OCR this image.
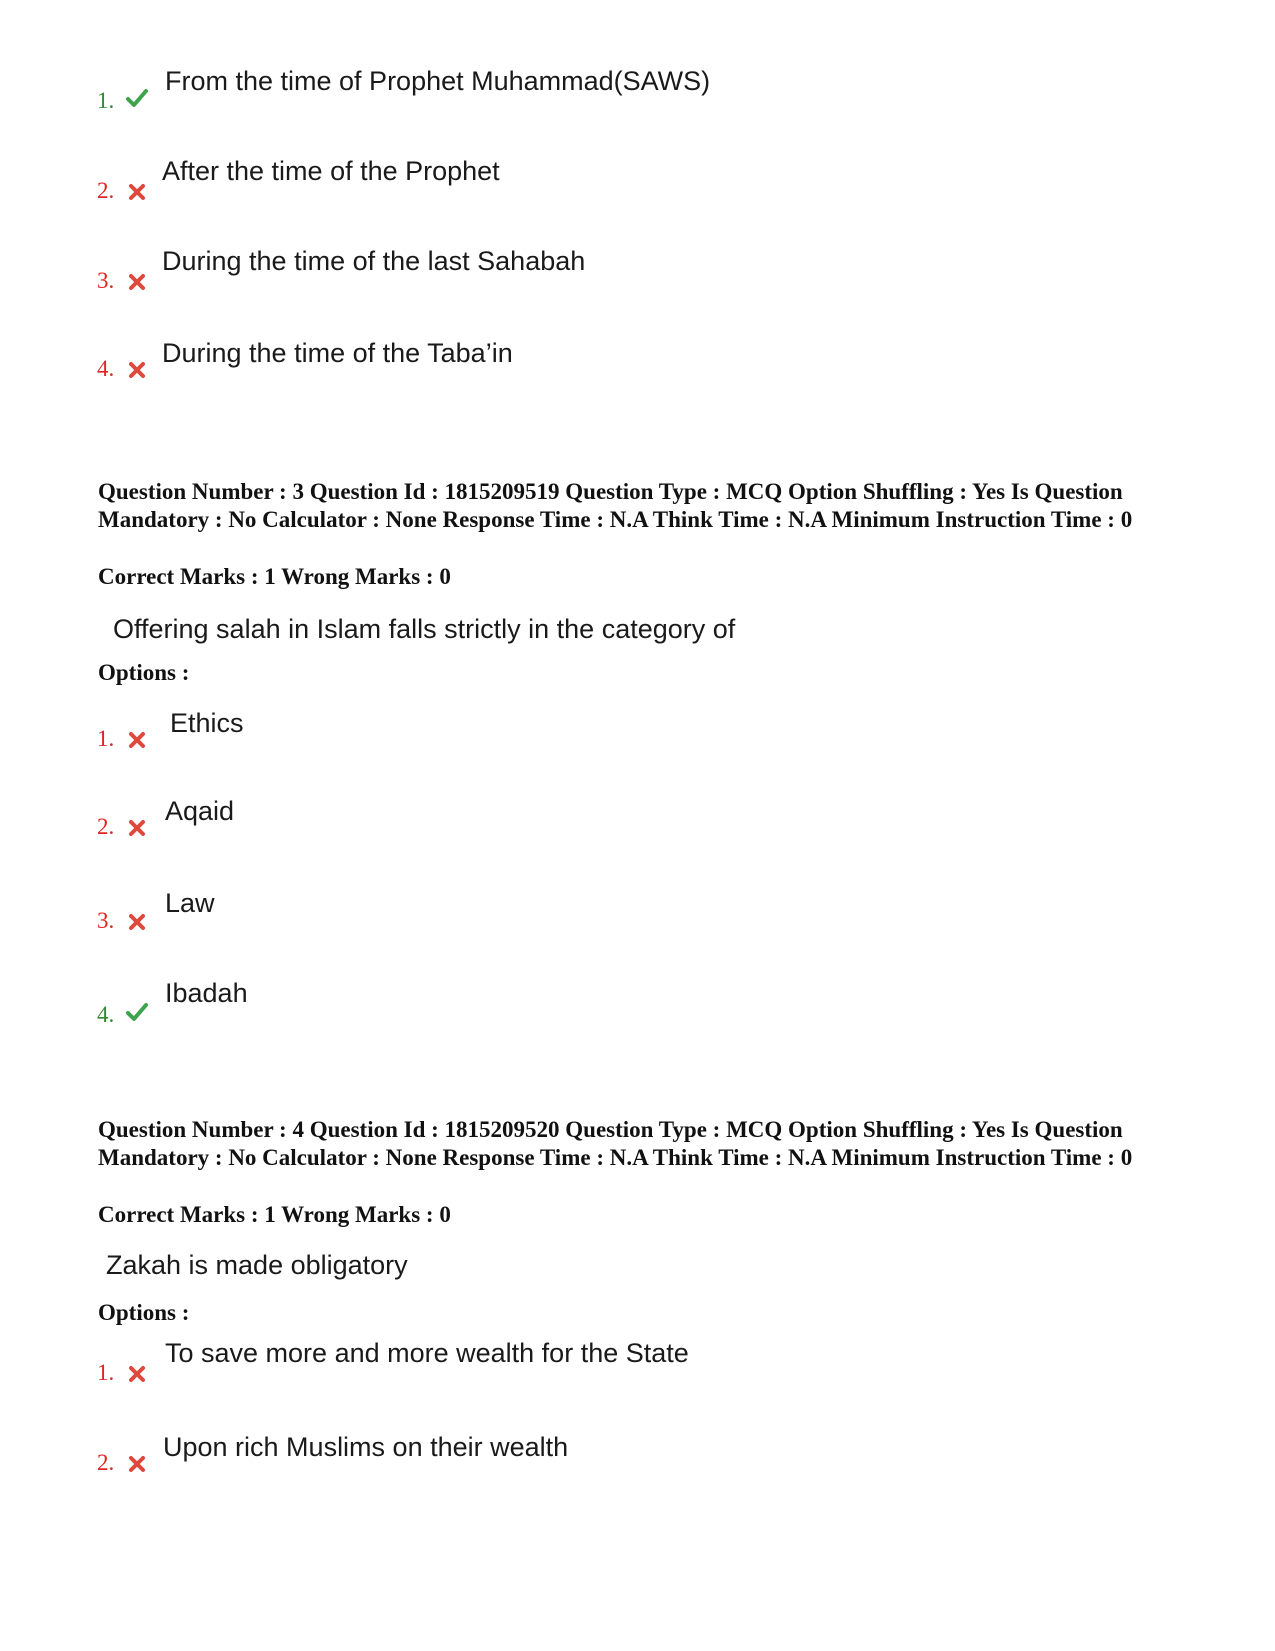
1.
From the time of Prophet Muhammad(SAWS)
2.
After the time of the Prophet
3.
During the time of the last Sahabah
4.
During the time of the Taba’in
Question Number : 3 Question Id : 1815209519 Question Type : MCQ Option Shuffling : Yes Is Question Mandatory : No Calculator : None Response Time : N.A Think Time : N.A Minimum Instruction Time : 0
Correct Marks : 1 Wrong Marks : 0
Offering salah in Islam falls strictly in the category of
Options :
1.
Ethics
2.
Aqaid
3.
Law
4.
Ibadah
Question Number : 4 Question Id : 1815209520 Question Type : MCQ Option Shuffling : Yes Is Question Mandatory : No Calculator : None Response Time : N.A Think Time : N.A Minimum Instruction Time : 0
Correct Marks : 1 Wrong Marks : 0
Zakah is made obligatory
Options :
1.
To save more and more wealth for the State
2.
Upon rich Muslims on their wealth
